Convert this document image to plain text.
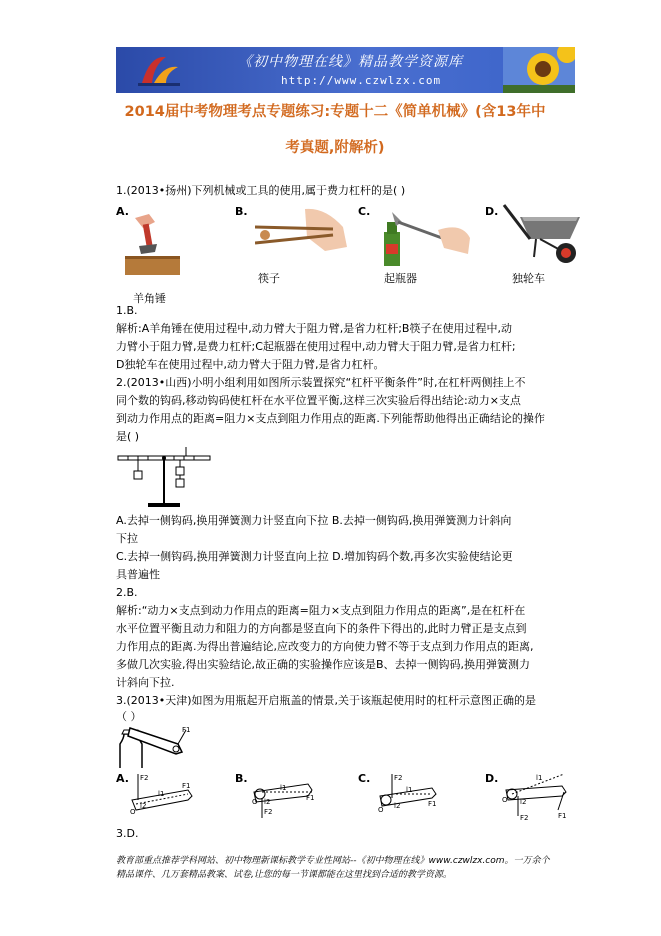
《初中物理在线》精品教学资源库
http://www.czwlzx.com
2014届中考物理考点专题练习:专题十二《简单机械》(含13年中
考真题,附解析)
1.(2013•扬州)下列机械或工具的使用,属于费力杠杆的是( )
A.	B.	C.	D.
羊角锤
筷子	起瓶器	独轮车
1.B.
解析:A羊角锤在使用过程中,动力臂大于阻力臂,是省力杠杆;B筷子在使用过程中,动
力臂小于阻力臂,是费力杠杆;C起瓶器在使用过程中,动力臂大于阻力臂,是省力杠杆;
D独轮车在使用过程中,动力臂大于阻力臂,是省力杠杆。
2.(2013•山西)小明小组利用如图所示装置探究“杠杆平衡条件”时,在杠杆两侧挂上不
同个数的钩码,移动钩码使杠杆在水平位置平衡,这样三次实验后得出结论:动力×支点
到动力作用点的距离=阻力×支点到阻力作用点的距离.下列能帮助他得出正确结论的操作
是( )
A.去掉一侧钩码,换用弹簧测力计竖直向下拉 B.去掉一侧钩码,换用弹簧测力计斜向
下拉
C.去掉一侧钩码,换用弹簧测力计竖直向上拉 D.增加钩码个数,再多次实验使结论更
具普遍性
2.B.
解析:“动力×支点到动力作用点的距离=阻力×支点到阻力作用点的距离”,是在杠杆在
水平位置平衡且动力和阻力的方向都是竖直向下的条件下得出的,此时力臂正是支点到
力作用点的距离.为得出普遍结论,应改变力的方向使力臂不等于支点到力作用点的距离,
多做几次实验,得出实验结论,故正确的实验操作应该是B、去掉一侧钩码,换用弹簧测力
计斜向下拉.
3.(2013•天津)如图为用瓶起开启瓶盖的情景,关于该瓶起使用时的杠杆示意图正确的是
（ ）
F1
A.	B.	C.	D.
F2
l1
F1
l2
O	F2
l1
F1
l2
O
F2
l1
F1
l2
O
l1
F1
F2
l2
O
3.D.
教育部重点推荐学科网站、初中物理新课标教学专业性网站--《初中物理在线》www.czwlzx.com。一万余个精品课件、几万套精品教案、试卷,让您的每一节课都能在这里找到合适的教学资源。
